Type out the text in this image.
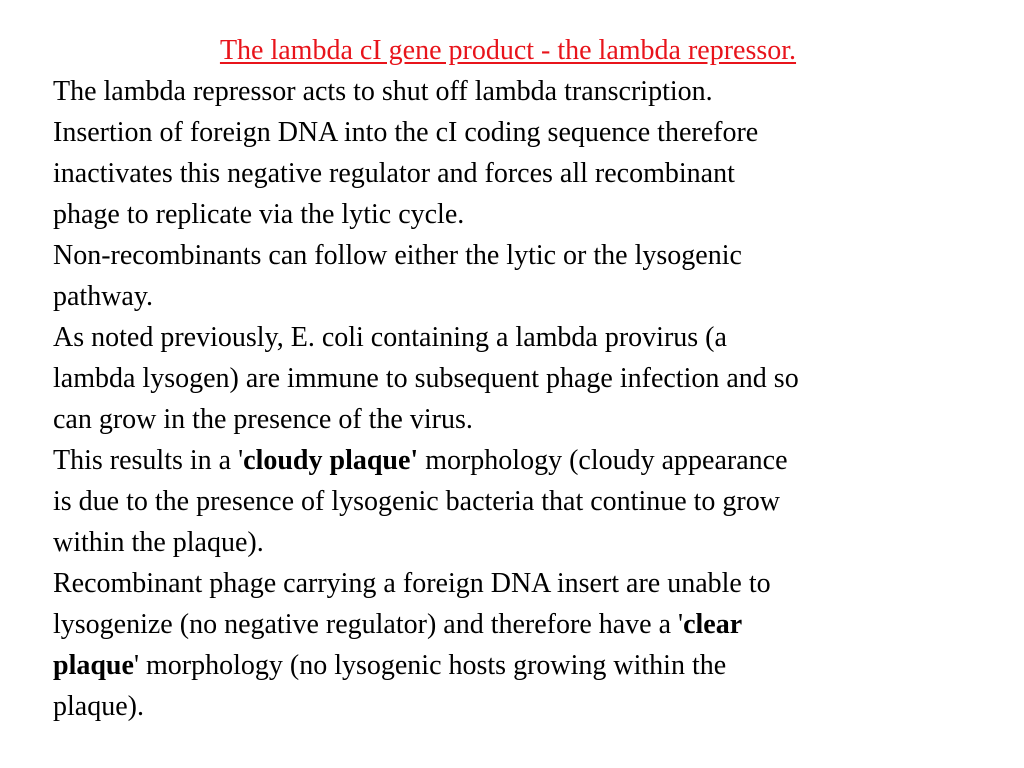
The lambda cI gene product - the lambda repressor.
The lambda repressor acts to shut off lambda transcription.
Insertion of foreign DNA into the cI coding sequence therefore
inactivates this negative regulator and forces all recombinant
phage to replicate via the lytic cycle.
Non-recombinants can follow either the lytic or the lysogenic
pathway.
As noted previously, E. coli containing a lambda provirus (a
lambda lysogen) are immune to subsequent phage infection and so
can grow in the presence of the virus.
This results in a 'cloudy plaque' morphology (cloudy appearance
is due to the presence of lysogenic bacteria that continue to grow
within the plaque).
Recombinant phage carrying a foreign DNA insert are unable to
lysogenize (no negative regulator) and therefore have a 'clear
plaque' morphology (no lysogenic hosts growing within the
plaque).
